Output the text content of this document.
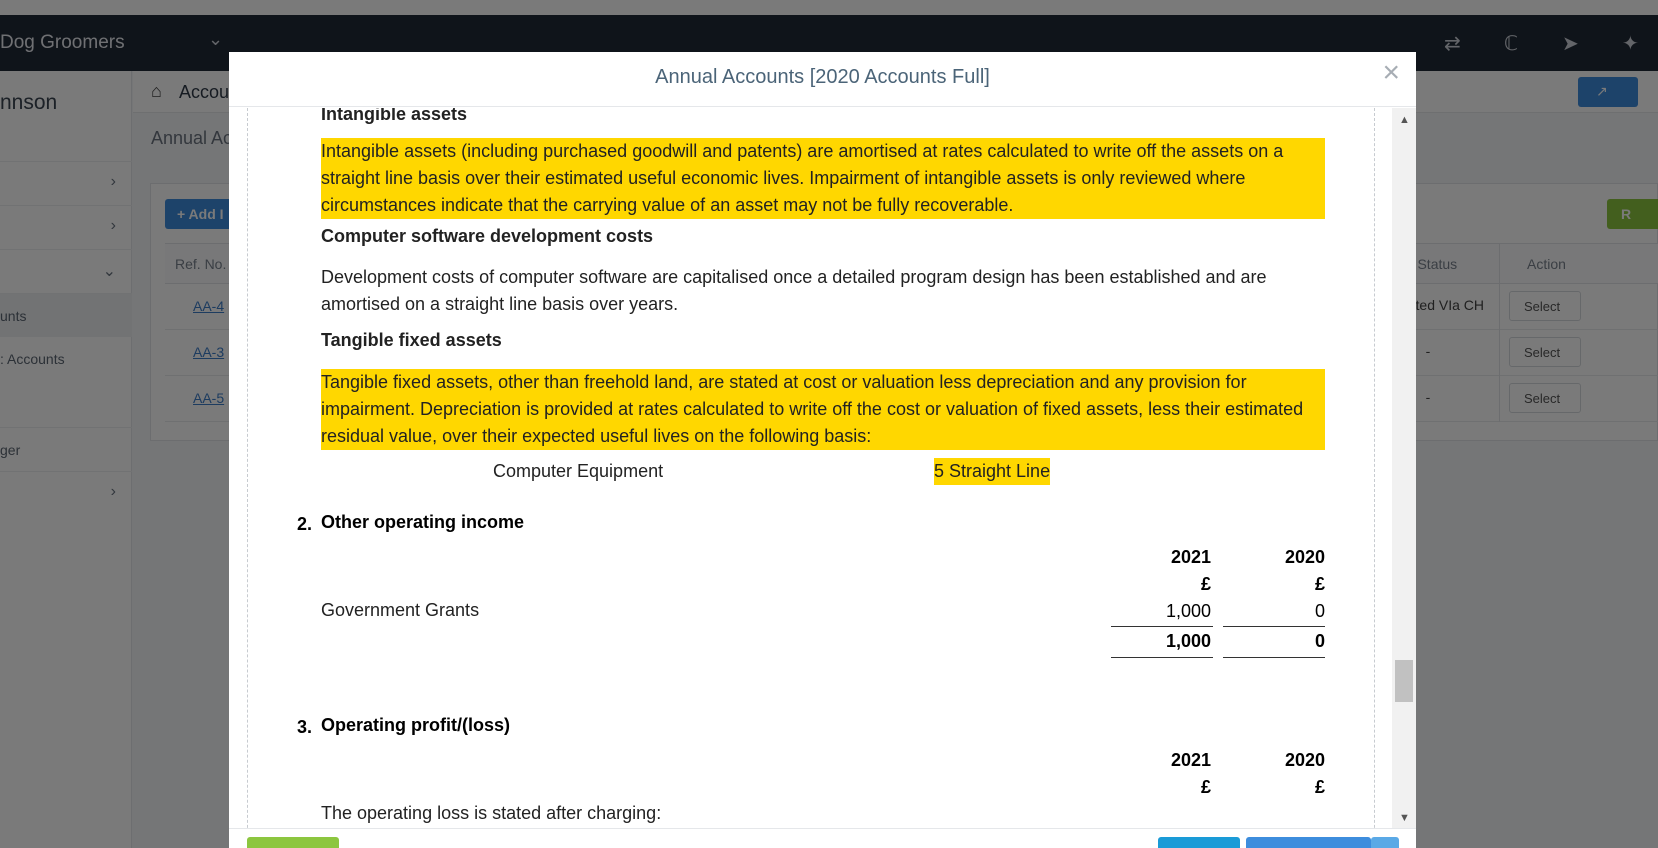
Annual Accounts [2020 Accounts Full]	×
Intangible assets
Intangible assets (including purchased goodwill and patents) are amortised at rates calculated to write off the assets on a straight line basis over their estimated useful economic lives. Impairment of intangible assets is only reviewed where circumstances indicate that the carrying value of an asset may not be fully recoverable.
Computer software development costs
Development costs of computer software are capitalised once a detailed program design has been established and are amortised on a straight line basis over years.
Tangible fixed assets
Tangible fixed assets, other than freehold land, are stated at cost or valuation less depreciation and any provision for impairment. Depreciation is provided at rates calculated to write off the cost or valuation of fixed assets, less their estimated residual value, over their expected useful lives on the following basis:
Computer Equipment	5 Straight Line
2. Other operating income
2021	2020
£	£
Government Grants	1,000	0
1,000	0
3. Operating profit/(loss)
2021	2020
£	£
The operating loss is stated after charging:
▲
▼
